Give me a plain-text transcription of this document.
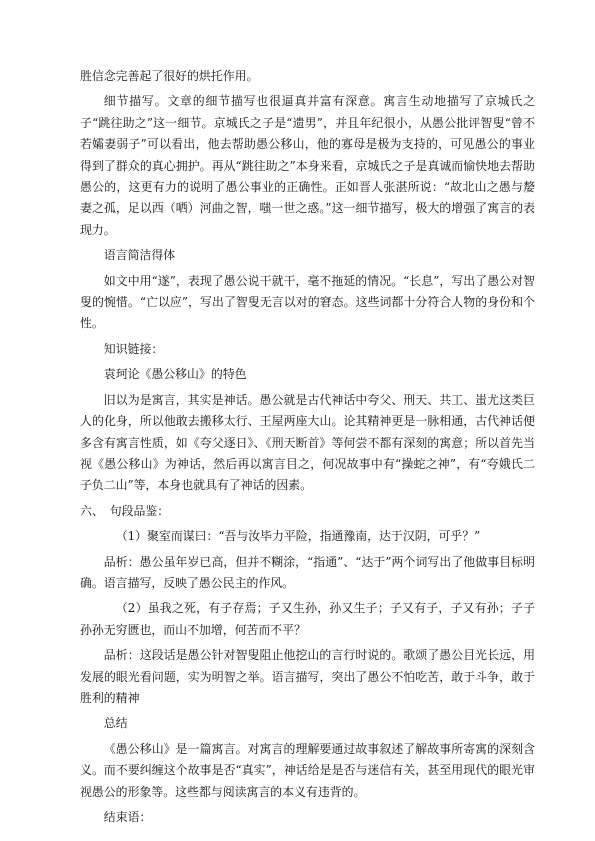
胜信念完善起了很好的烘托作用。

细节描写。文章的细节描写也很逼真并富有深意。寓言生动地描写了京城氏之子“跳往助之”这一细节。京城氏之子是“遗男”，并且年纪很小，从愚公批评智叟“曾不若孀妻弱子”可以看出，他去帮助愚公移山，他的寡母是极为支持的，可见愚公的事业得到了群众的真心拥护。再从“跳往助之”本身来看，京城氏之子是真诚而愉快地去帮助愚公的，这更有力的说明了愚公事业的正确性。正如晋人张湛所说：“故北山之愚与嫠妻之孤，足以西（哂）河曲之智，嗤一世之惑。”这一细节描写，极大的增强了寓言的表现力。

语言简洁得体

如文中用“遂”，表现了愚公说干就干，毫不拖延的情况。“长息”，写出了愚公对智叟的惋惜。“亡以应”，写出了智叟无言以对的窘态。这些词都十分符合人物的身份和个性。

知识链接：

袁珂论《愚公移山》的特色

旧以为是寓言，其实是神话。愚公就是古代神话中夸父、刑天、共工、蚩尤这类巨人的化身，所以他敢去搬移太行、王屋两座大山。论其精神更是一脉相通，古代神话便多含有寓言性质，如《夸父逐日》、《刑天断首》等何尝不都有深刻的寓意；所以首先当视《愚公移山》为神话，然后再以寓言目之，何况故事中有“操蛇之神”，有“夸娥氏二子负二山”等，本身也就具有了神话的因素。

六、　句段品鉴：

（1）聚室而谋曰：“吾与汝毕力平险，指通豫南，达于汉阴，可乎？”

品析：愚公虽年岁已高，但并不糊涂，“指通”、“达于”两个词写出了他做事目标明确。语言描写，反映了愚公民主的作风。

（2）虽我之死，有子存焉；子又生孙，孙又生子；子又有子，子又有孙；子子孙孙无穷匮也，而山不加增，何苦而不平？

品析：这段话是愚公针对智叟阻止他挖山的言行时说的。歌颂了愚公目光长远，用发展的眼光看问题，实为明智之举。语言描写，突出了愚公不怕吃苦，敢于斗争，敢于胜利的精神

总结

《愚公移山》是一篇寓言。对寓言的理解要通过故事叙述了解故事所寄寓的深刻含义。而不要纠缠这个故事是否“真实”，神话给是是否与迷信有关，甚至用现代的眼光审视愚公的形象等。这些都与阅读寓言的本义有违背的。

结束语：
